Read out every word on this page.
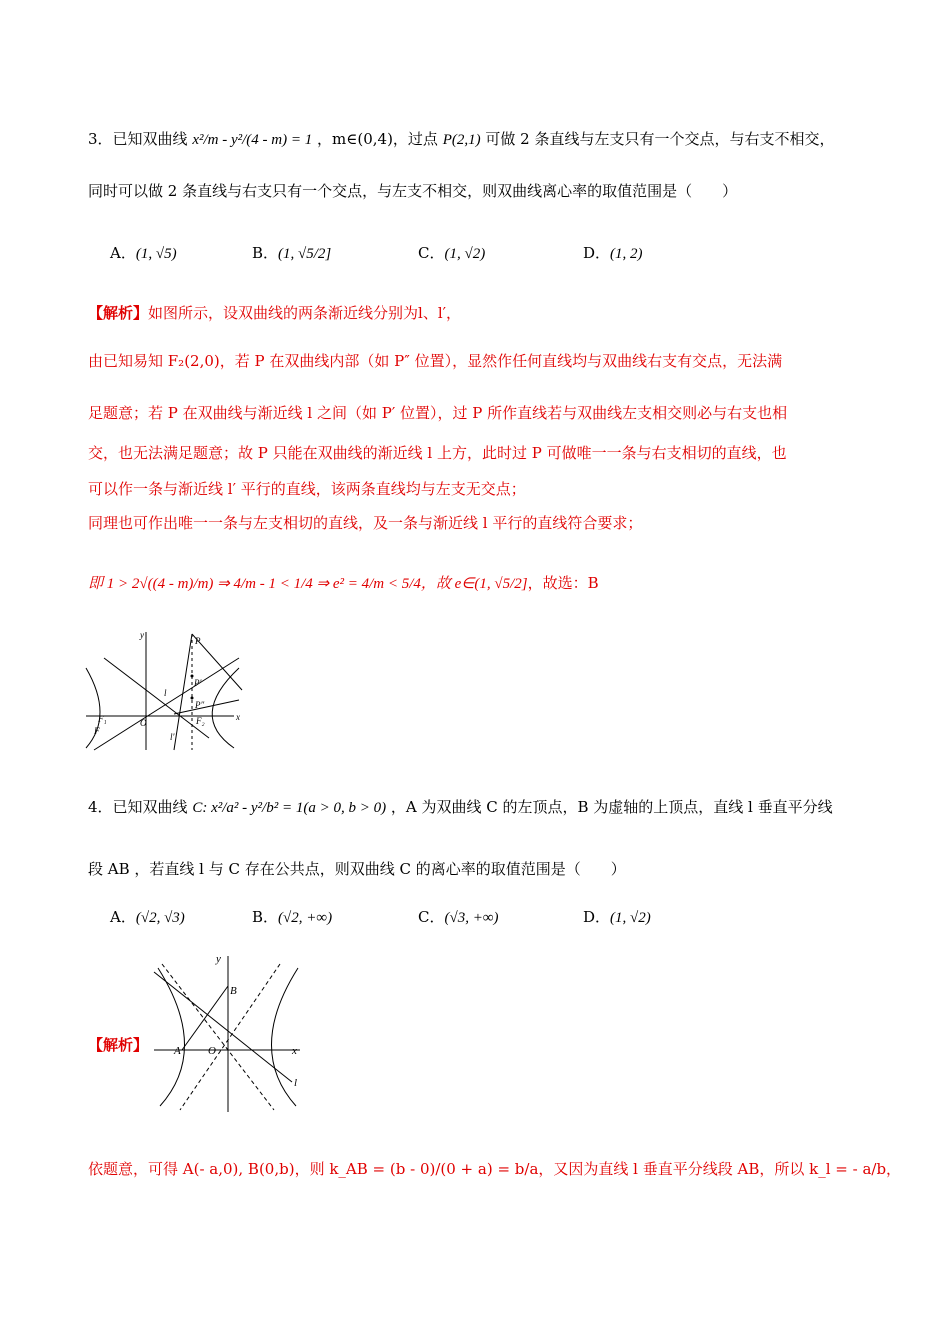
3．已知双曲线 x²/m - y²/(4 - m) = 1 ，m∈(0,4)，过点 P(2,1) 可做 2 条直线与左支只有一个交点，与右支不相交，
同时可以做 2 条直线与右支只有一个交点，与左支不相交，则双曲线离心率的取值范围是（　　）
A．(1, √5)	B．(1, √5/2]	C．(1, √2)	D．(1, 2)
【解析】如图所示，设双曲线的两条渐近线分别为l、l′，
由已知易知 F₂(2,0)，若 P 在双曲线内部（如 P″ 位置），显然作任何直线均与双曲线右支有交点，无法满
足题意；若 P 在双曲线与渐近线 l 之间（如 P′ 位置），过 P 所作直线若与双曲线左支相交则必与右支也相
交，也无法满足题意；故 P 只能在双曲线的渐近线 l 上方，此时过 P 可做唯一一条与右支相切的直线，也
可以作一条与渐近线 l′ 平行的直线，该两条直线均与左支无交点；
同理也可作出唯一一条与左支相切的直线，及一条与渐近线 l 平行的直线符合要求；
即 1 > 2√((4 - m)/m) ⇒ 4/m - 1 < 1/4 ⇒ e² = 4/m < 5/4，故 e∈(1, √5/2]，故选：B
y
x
O
P
P′
P″
l
l′
F₁	F₂
F
4．已知双曲线 C: x²/a² - y²/b² = 1(a > 0, b > 0) ，A 为双曲线 C 的左顶点，B 为虚轴的上顶点，直线 l 垂直平分线
段 AB ，若直线 l 与 C 存在公共点，则双曲线 C 的离心率的取值范围是（　　）
A．(√2, √3)	B．(√2, +∞)	C．(√3, +∞)	D．(1, √2)
【解析】
y
x
A O
B
l
依题意，可得 A(- a,0), B(0,b)，则 k_AB = (b - 0)/(0 + a) = b/a，又因为直线 l 垂直平分线段 AB，所以 k_l = - a/b，
